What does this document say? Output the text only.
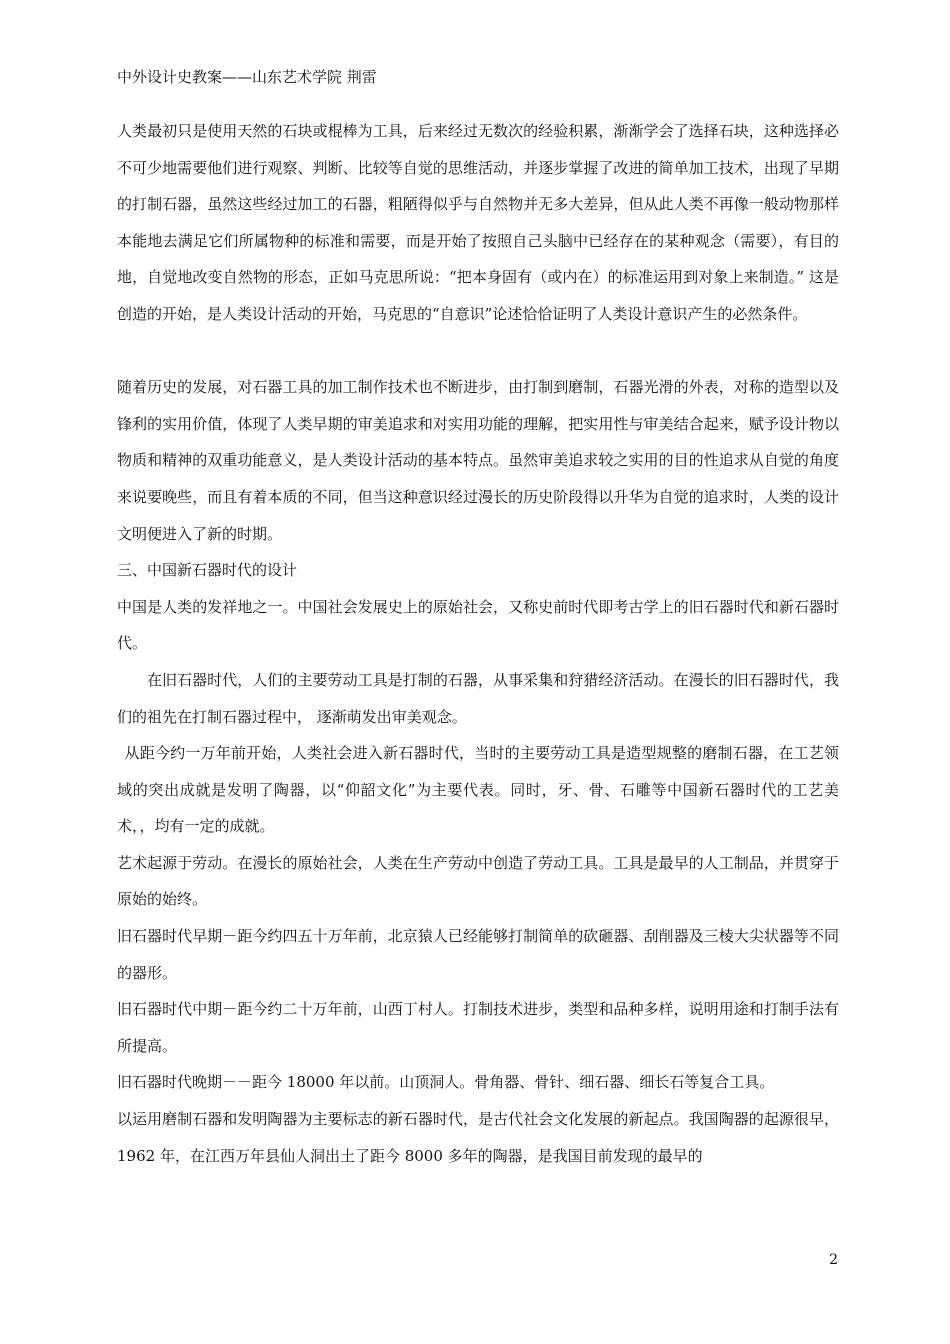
中外设计史教案——山东艺术学院 荆雷

人类最初只是使用天然的石块或棍棒为工具，后来经过无数次的经验积累，渐渐学会了选择石块，这种选择必不可少地需要他们进行观察、判断、比较等自觉的思维活动，并逐步掌握了改进的简单加工技术，出现了早期的打制石器，虽然这些经过加工的石器，粗陋得似乎与自然物并无多大差异，但从此人类不再像一般动物那样本能地去满足它们所属物种的标准和需要，而是开始了按照自己头脑中已经存在的某种观念（需要），有目的地，自觉地改变自然物的形态，正如马克思所说：“把本身固有（或内在）的标准运用到对象上来制造。” 这是创造的开始，是人类设计活动的开始，马克思的“自意识”论述恰恰证明了人类设计意识产生的必然条件。

随着历史的发展，对石器工具的加工制作技术也不断进步，由打制到磨制，石器光滑的外表，对称的造型以及锋利的实用价值，体现了人类早期的审美追求和对实用功能的理解，把实用性与审美结合起来，赋予设计物以物质和精神的双重功能意义，是人类设计活动的基本特点。虽然审美追求较之实用的目的性追求从自觉的角度来说要晚些，而且有着本质的不同，但当这种意识经过漫长的历史阶段得以升华为自觉的追求时，人类的设计文明便进入了新的时期。

三、中国新石器时代的设计

中国是人类的发祥地之一。中国社会发展史上的原始社会，又称史前时代即考古学上的旧石器时代和新石器时代。

在旧石器时代，人们的主要劳动工具是打制的石器，从事采集和狩猎经济活动。在漫长的旧石器时代，我们的祖先在打制石器过程中， 逐渐萌发出审美观念。

从距今约一万年前开始，人类社会进入新石器时代，当时的主要劳动工具是造型规整的磨制石器，在工艺领域的突出成就是发明了陶器，以“仰韶文化”为主要代表。同时，牙、骨、石雕等中国新石器时代的工艺美术，，均有一定的成就。

艺术起源于劳动。在漫长的原始社会，人类在生产劳动中创造了劳动工具。工具是最早的人工制品，并贯穿于原始的始终。

旧石器时代早期－距今约四五十万年前，北京猿人已经能够打制简单的砍砸器、刮削器及三棱大尖状器等不同的器形。

旧石器时代中期－距今约二十万年前，山西丁村人。打制技术进步，类型和品种多样，说明用途和打制手法有所提高。

旧石器时代晚期－－距今 18000 年以前。山顶洞人。骨角器、骨针、细石器、细长石等复合工具。

以运用磨制石器和发明陶器为主要标志的新石器时代，是古代社会文化发展的新起点。我国陶器的起源很早，1962 年，在江西万年县仙人洞出土了距今 8000 多年的陶器，是我国目前发现的最早的

2
